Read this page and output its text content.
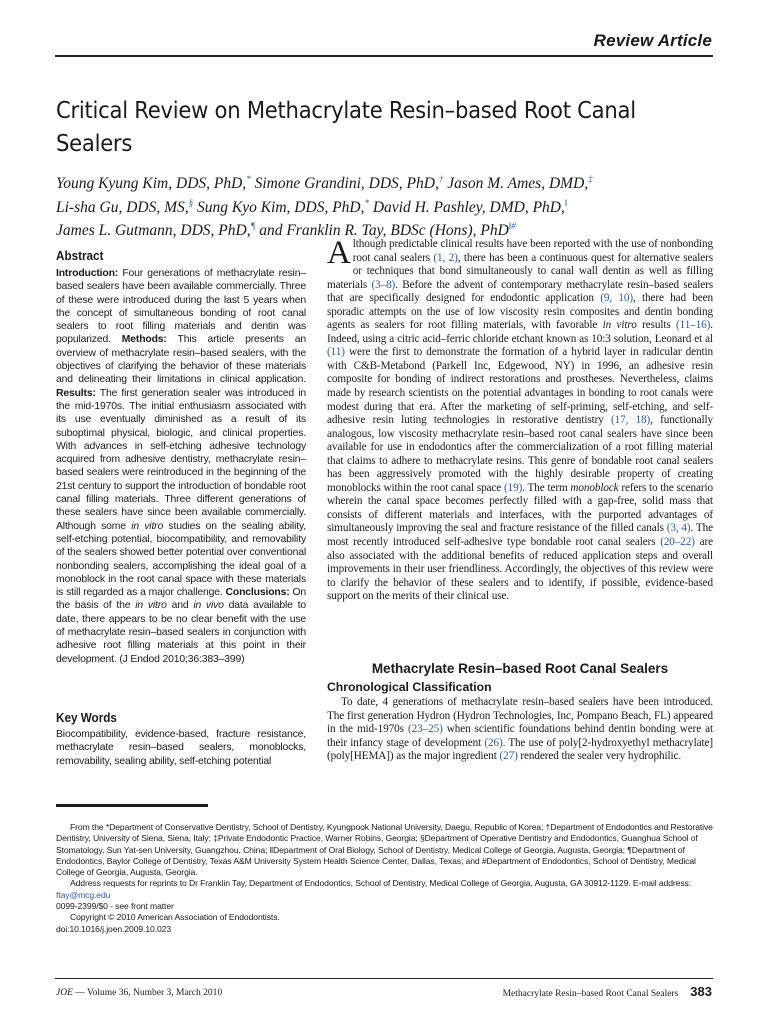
Review Article
Critical Review on Methacrylate Resin–based Root Canal Sealers
Young Kyung Kim, DDS, PhD,* Simone Grandini, DDS, PhD,† Jason M. Ames, DMD,‡
Li-sha Gu, DDS, MS,§ Sung Kyo Kim, DDS, PhD,* David H. Pashley, DMD, PhD,‖
James L. Gutmann, DDS, PhD,¶ and Franklin R. Tay, BDSc (Hons), PhD‖#
Abstract
Introduction: Four generations of methacrylate resin–based sealers have been available commercially. Three of these were introduced during the last 5 years when the concept of simultaneous bonding of root canal sealers to root filling materials and dentin was popularized. Methods: This article presents an overview of methacrylate resin–based sealers, with the objectives of clarifying the behavior of these materials and delineating their limitations in clinical application. Results: The first generation sealer was introduced in the mid-1970s. The initial enthusiasm associated with its use eventually diminished as a result of its suboptimal physical, biologic, and clinical properties. With advances in self-etching adhesive technology acquired from adhesive dentistry, methacrylate resin–based sealers were reintroduced in the beginning of the 21st century to support the introduction of bondable root canal filling materials. Three different generations of these sealers have since been available commercially. Although some in vitro studies on the sealing ability, self-etching potential, biocompatibility, and removability of the sealers showed better potential over conventional nonbonding sealers, accomplishing the ideal goal of a monoblock in the root canal space with these materials is still regarded as a major challenge. Conclusions: On the basis of the in vitro and in vivo data available to date, there appears to be no clear benefit with the use of methacrylate resin–based sealers in conjunction with adhesive root filling materials at this point in their development. (J Endod 2010;36:383–399)
Key Words
Biocompatibility, evidence-based, fracture resistance, methacrylate resin–based sealers, monoblocks, removability, sealing ability, self-etching potential
A lthough predictable clinical results have been reported with the use of nonbonding root canal sealers (1, 2), there has been a continuous quest for alternative sealers or techniques that bond simultaneously to canal wall dentin as well as filling materials (3–8). Before the advent of contemporary methacrylate resin–based sealers that are specifically designed for endodontic application (9, 10), there had been sporadic attempts on the use of low viscosity resin composites and dentin bonding agents as sealers for root filling materials, with favorable in vitro results (11–16). Indeed, using a citric acid–ferric chloride etchant known as 10:3 solution, Leonard et al (11) were the first to demonstrate the formation of a hybrid layer in radicular dentin with C&B-Metabond (Parkell Inc, Edgewood, NY) in 1996, an adhesive resin composite for bonding of indirect restorations and prostheses. Nevertheless, claims made by research scientists on the potential advantages in bonding to root canals were modest during that era. After the marketing of self-priming, self-etching, and self-adhesive resin luting technologies in restorative dentistry (17, 18), functionally analogous, low viscosity methacrylate resin–based root canal sealers have since been available for use in endodontics after the commercialization of a root filling material that claims to adhere to methacrylate resins. This genre of bondable root canal sealers has been aggressively promoted with the highly desirable property of creating monoblocks within the root canal space (19). The term monoblock refers to the scenario wherein the canal space becomes perfectly filled with a gap-free, solid mass that consists of different materials and interfaces, with the purported advantages of simultaneously improving the seal and fracture resistance of the filled canals (3, 4). The most recently introduced self-adhesive type bondable root canal sealers (20–22) are also associated with the additional benefits of reduced application steps and overall improvements in their user friendliness. Accordingly, the objectives of this review were to clarify the behavior of these sealers and to identify, if possible, evidence-based support on the merits of their clinical use.
Methacrylate Resin–based Root Canal Sealers
Chronological Classification
To date, 4 generations of methacrylate resin–based sealers have been introduced. The first generation Hydron (Hydron Technologies, Inc, Pompano Beach, FL) appeared in the mid-1970s (23–25) when scientific foundations behind dentin bonding were at their infancy stage of development (26). The use of poly[2-hydroxyethyl methacrylate] (poly[HEMA]) as the major ingredient (27) rendered the sealer very hydrophilic.

From the *Department of Conservative Dentistry, School of Dentistry, Kyungpook National University, Daegu, Republic of Korea; †Department of Endodontics and Restorative Dentistry, University of Siena, Siena, Italy; ‡Private Endodontic Practice, Warner Robins, Georgia; §Department of Operative Dentistry and Endodontics, Guanghua School of Stomatology, Sun Yat-sen University, Guangzhou, China; ‖Department of Oral Biology, School of Dentistry, Medical College of Georgia, Augusta, Georgia; ¶Department of Endodontics, Baylor College of Dentistry, Texas A&M University System Health Science Center, Dallas, Texas; and #Department of Endodontics, School of Dentistry, Medical College of Georgia, Augusta, Georgia.

Address requests for reprints to Dr Franklin Tay, Department of Endodontics, School of Dentistry, Medical College of Georgia, Augusta, GA 30912-1129. E-mail address: ftay@mcg.edu

0099-2399/$0 - see front matter

Copyright © 2010 American Association of Endodontists.

doi:10.1016/j.joen.2009.10.023

JOE — Volume 36, Number 3, March 2010	Methacrylate Resin–based Root Canal Sealers 383
